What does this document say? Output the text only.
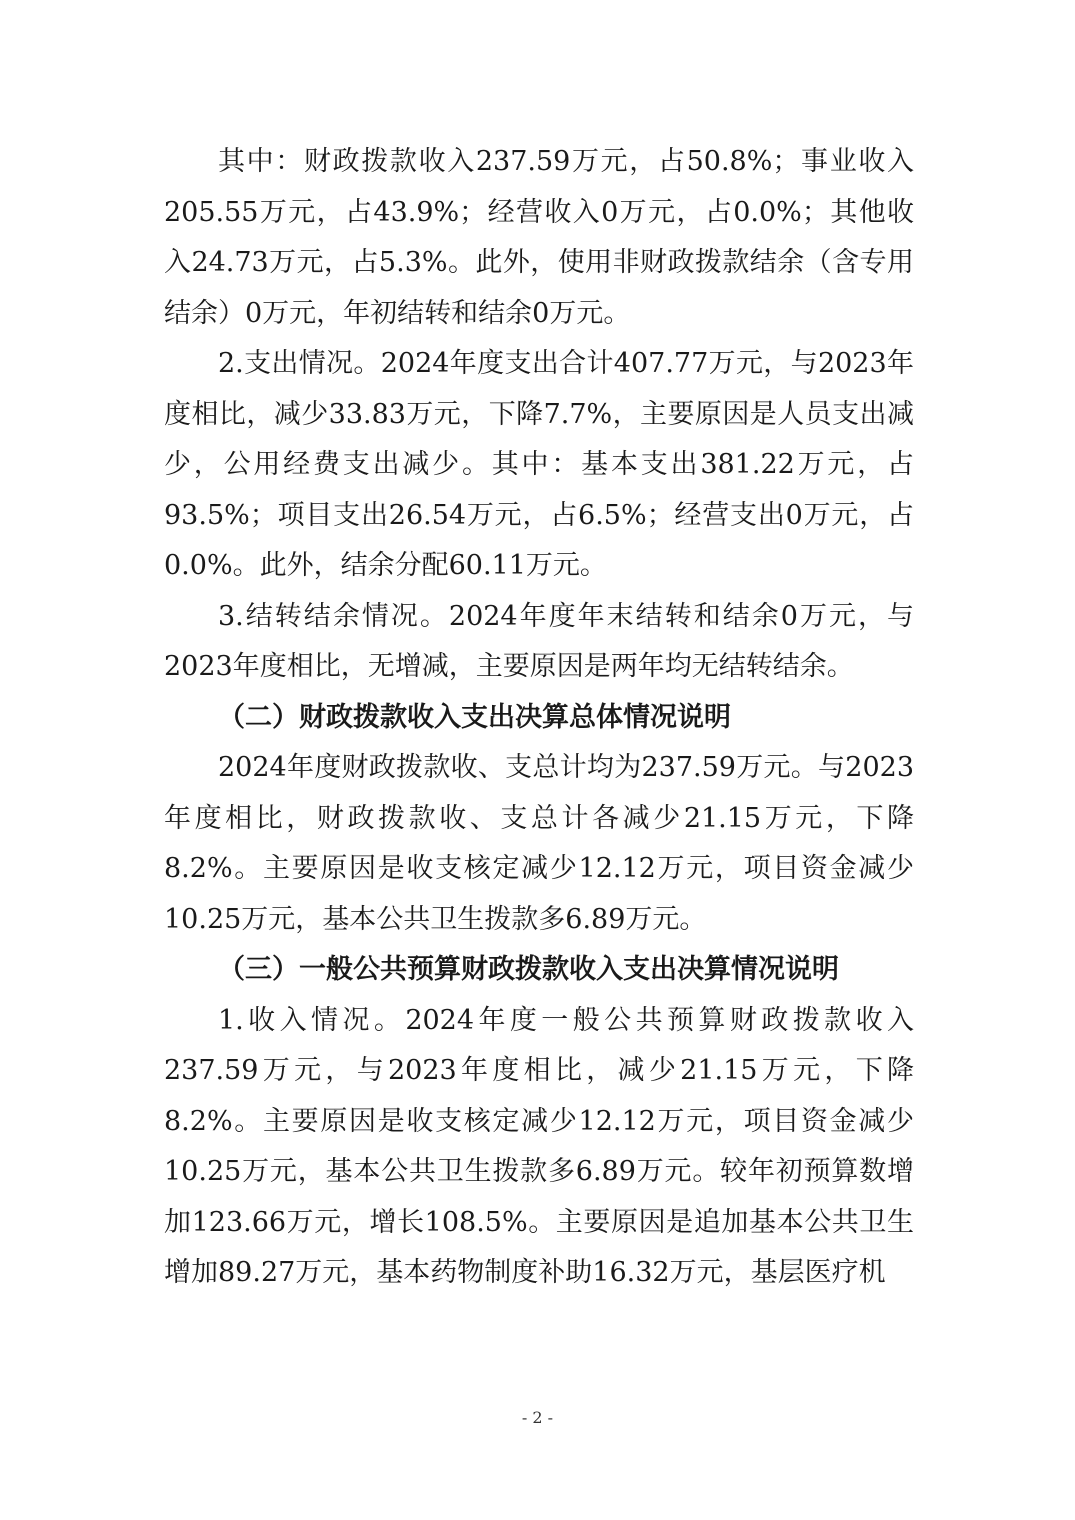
其中：财政拨款收入237.59万元，占50.8%；事业收入205.55万元，占43.9%；经营收入0万元，占0.0%；其他收入24.73万元，占5.3%。此外，使用非财政拨款结余（含专用结余）0万元，年初结转和结余0万元。

2.支出情况。2024年度支出合计407.77万元，与2023年度相比，减少33.83万元，下降7.7%，主要原因是人员支出减少，公用经费支出减少。其中：基本支出381.22万元，占93.5%；项目支出26.54万元，占6.5%；经营支出0万元，占0.0%。此外，结余分配60.11万元。

3.结转结余情况。2024年度年末结转和结余0万元，与2023年度相比，无增减，主要原因是两年均无结转结余。

（二）财政拨款收入支出决算总体情况说明

2024年度财政拨款收、支总计均为237.59万元。与2023年度相比，财政拨款收、支总计各减少21.15万元，下降8.2%。主要原因是收支核定减少12.12万元，项目资金减少10.25万元，基本公共卫生拨款多6.89万元。

（三）一般公共预算财政拨款收入支出决算情况说明

1.收入情况。2024年度一般公共预算财政拨款收入237.59万元，与2023年度相比，减少21.15万元，下降8.2%。主要原因是收支核定减少12.12万元，项目资金减少10.25万元，基本公共卫生拨款多6.89万元。较年初预算数增加123.66万元，增长108.5%。主要原因是追加基本公共卫生增加89.27万元，基本药物制度补助16.32万元，基层医疗机

- 2 -
